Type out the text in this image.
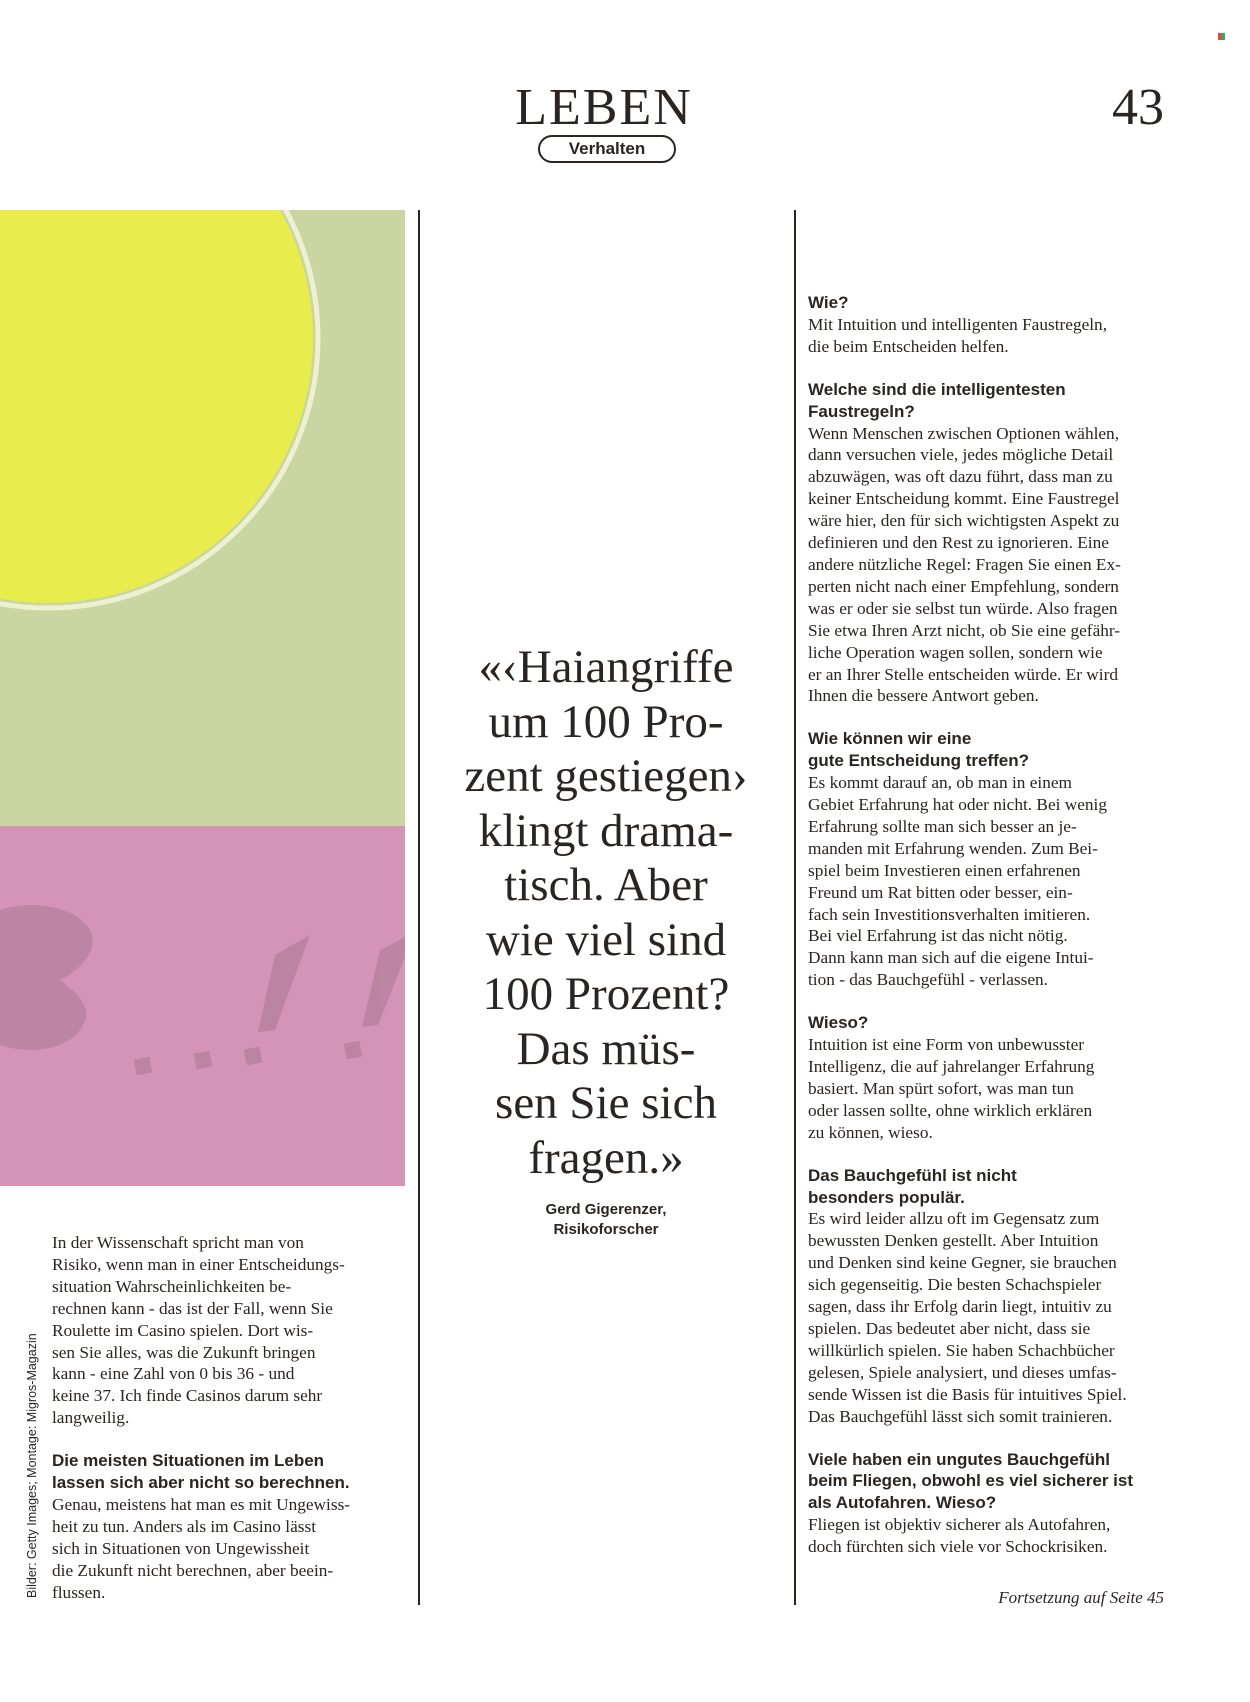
LEBEN
Verhalten
43

In der Wissenschaft spricht man von

Risiko, wenn man in einer Entscheidungs-

situation Wahrscheinlichkeiten be-

rechnen kann - das ist der Fall, wenn Sie

Roulette im Casino spielen. Dort wis-

sen Sie alles, was die Zukunft bringen

kann - eine Zahl von 0 bis 36 - und

keine 37. Ich finde Casinos darum sehr

langweilig.

Die meisten Situationen im Leben

lassen sich aber nicht so berechnen.

Genau, meistens hat man es mit Ungewiss-

heit zu tun. Anders als im Casino lässt

sich in Situationen von Ungewissheit

die Zukunft nicht berechnen, aber beein-

flussen.

«‹Haiangriffe
um 100 Pro-
zent gestiegen›
klingt drama-
tisch. Aber
wie viel sind
100 Prozent?
Das müs-
sen Sie sich
fragen.»
Gerd Gigerenzer,
Risikoforscher

Wie?

Mit Intuition und intelligenten Faustregeln,

die beim Entscheiden helfen.

Welche sind die intelligentesten

Faustregeln?

Wenn Menschen zwischen Optionen wählen,

dann versuchen viele, jedes mögliche Detail

abzuwägen, was oft dazu führt, dass man zu

keiner Entscheidung kommt. Eine Faustregel

wäre hier, den für sich wichtigsten Aspekt zu

definieren und den Rest zu ignorieren. Eine

andere nützliche Regel: Fragen Sie einen Ex-

perten nicht nach einer Empfehlung, sondern

was er oder sie selbst tun würde. Also fragen

Sie etwa Ihren Arzt nicht, ob Sie eine gefähr-

liche Operation wagen sollen, sondern wie

er an Ihrer Stelle entscheiden würde. Er wird

Ihnen die bessere Antwort geben.

Wie können wir eine

gute Entscheidung treffen?

Es kommt darauf an, ob man in einem

Gebiet Erfahrung hat oder nicht. Bei wenig

Erfahrung sollte man sich besser an je-

manden mit Erfahrung wenden. Zum Bei-

spiel beim Investieren einen erfahrenen

Freund um Rat bitten oder besser, ein-

fach sein Investitionsverhalten imitieren.

Bei viel Erfahrung ist das nicht nötig.

Dann kann man sich auf die eigene Intui-

tion - das Bauchgefühl - verlassen.

Wieso?

Intuition ist eine Form von unbewusster

Intelligenz, die auf jahrelanger Erfahrung

basiert. Man spürt sofort, was man tun

oder lassen sollte, ohne wirklich erklären

zu können, wieso.

Das Bauchgefühl ist nicht

besonders populär.

Es wird leider allzu oft im Gegensatz zum

bewussten Denken gestellt. Aber Intuition

und Denken sind keine Gegner, sie brauchen

sich gegenseitig. Die besten Schachspieler

sagen, dass ihr Erfolg darin liegt, intuitiv zu

spielen. Das bedeutet aber nicht, dass sie

willkürlich spielen. Sie haben Schachbücher

gelesen, Spiele analysiert, und dieses umfas-

sende Wissen ist die Basis für intuitives Spiel.

Das Bauchgefühl lässt sich somit trainieren.

Viele haben ein ungutes Bauchgefühl

beim Fliegen, obwohl es viel sicherer ist

als Autofahren. Wieso?

Fliegen ist objektiv sicherer als Autofahren,

doch fürchten sich viele vor Schockrisiken.

Fortsetzung auf Seite 45
Bilder: Getty Images; Montage: Migros-Magazin
